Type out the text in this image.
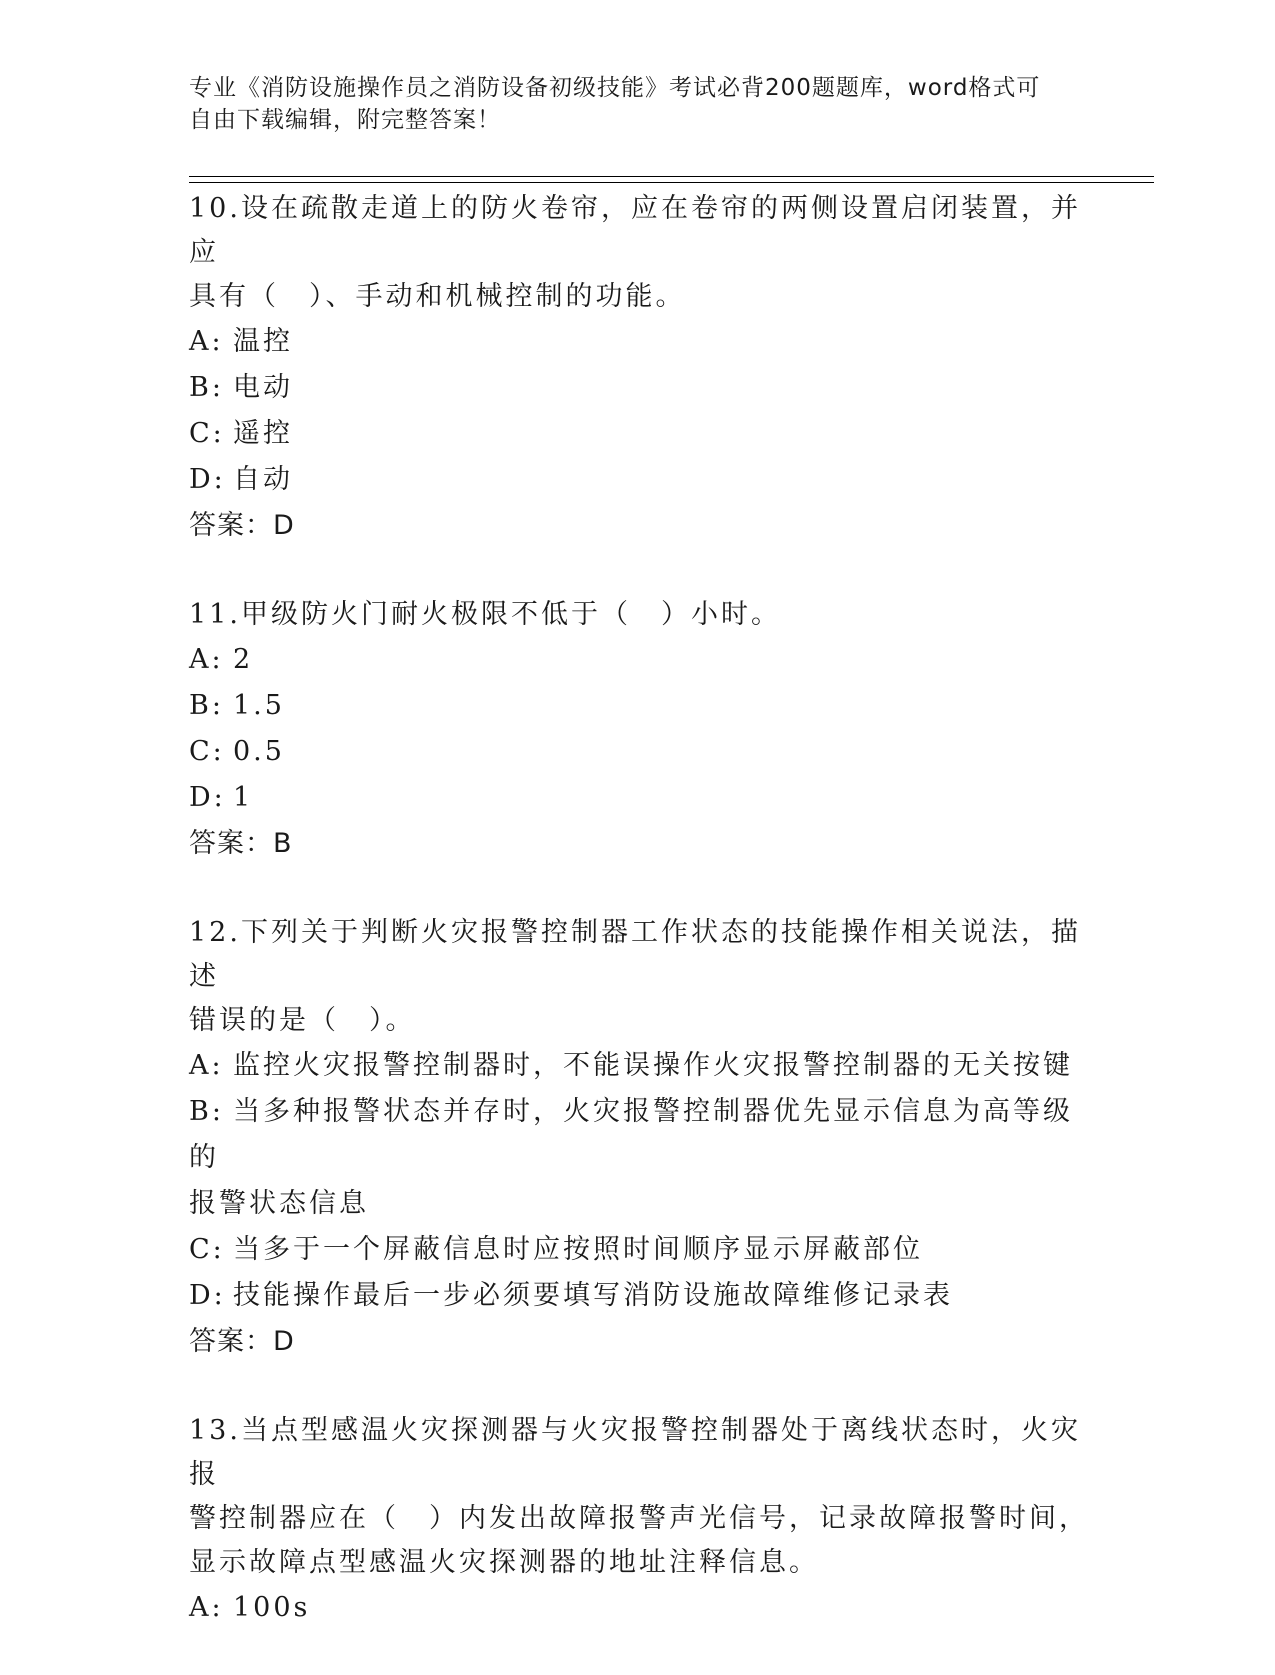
专业《消防设施操作员之消防设备初级技能》考试必背200题题库，word格式可
自由下载编辑，附完整答案！
10.设在疏散走道上的防火卷帘，应在卷帘的两侧设置启闭装置，并应
具有（　）、手动和机械控制的功能。
A: 温控
B: 电动
C: 遥控
D: 自动
答案：D
11.甲级防火门耐火极限不低于（　）小时。
A: 2
B: 1.5
C: 0.5
D: 1
答案：B
12.下列关于判断火灾报警控制器工作状态的技能操作相关说法，描述
错误的是（　）。
A: 监控火灾报警控制器时，不能误操作火灾报警控制器的无关按键
B: 当多种报警状态并存时，火灾报警控制器优先显示信息为高等级的
报警状态信息
C: 当多于一个屏蔽信息时应按照时间顺序显示屏蔽部位
D: 技能操作最后一步必须要填写消防设施故障维修记录表
答案：D
13.当点型感温火灾探测器与火灾报警控制器处于离线状态时，火灾报
警控制器应在（　）内发出故障报警声光信号，记录故障报警时间，
显示故障点型感温火灾探测器的地址注释信息。
A: 100s
